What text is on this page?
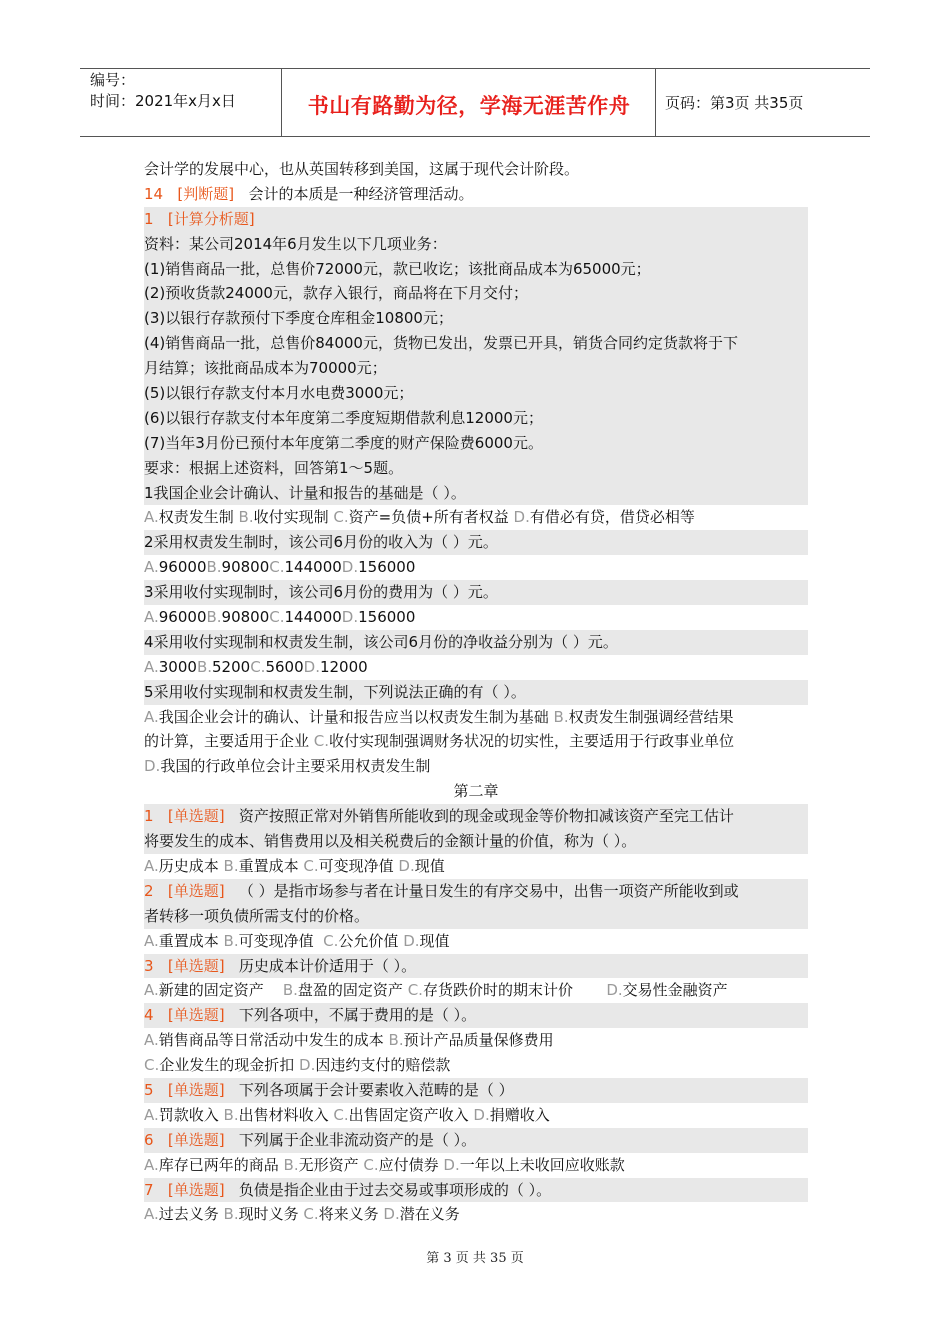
编号：
时间：2021年x月x日	书山有路勤为径，学海无涯苦作舟	页码：第3页 共35页
会计学的发展中心，也从英国转移到美国，这属于现代会计阶段。
14 [判断题] 会计的本质是一种经济管理活动。
1 [计算分析题]
资料：某公司2014年6月发生以下几项业务：
(1)销售商品一批，总售价72000元，款已收讫；该批商品成本为65000元；
(2)预收货款24000元，款存入银行，商品将在下月交付；
(3)以银行存款预付下季度仓库租金10800元；
(4)销售商品一批，总售价84000元，货物已发出，发票已开具，销货合同约定货款将于下
月结算；该批商品成本为70000元；
(5)以银行存款支付本月水电费3000元；
(6)以银行存款支付本年度第二季度短期借款利息12000元；
(7)当年3月份已预付本年度第二季度的财产保险费6000元。
要求：根据上述资料，回答第1～5题。
1我国企业会计确认、计量和报告的基础是（ ）。
A.权责发生制 B.收付实现制 C.资产=负债+所有者权益 D.有借必有贷，借贷必相等
2采用权责发生制时，该公司6月份的收入为（ ）元。
A.96000B.90800C.144000D.156000
3采用收付实现制时，该公司6月份的费用为（ ）元。
A.96000B.90800C.144000D.156000
4采用收付实现制和权责发生制，该公司6月份的净收益分别为（ ）元。
A.3000B.5200C.5600D.12000
5采用收付实现制和权责发生制，下列说法正确的有（ ）。
A.我国企业会计的确认、计量和报告应当以权责发生制为基础 B.权责发生制强调经营结果
的计算，主要适用于企业 C.收付实现制强调财务状况的切实性，主要适用于行政事业单位
D.我国的行政单位会计主要采用权责发生制
第二章
1 [单选题] 资产按照正常对外销售所能收到的现金或现金等价物扣减该资产至完工估计
将要发生的成本、销售费用以及相关税费后的金额计量的价值，称为（ ）。
A.历史成本 B.重置成本 C.可变现净值 D.现值
2 [单选题] （ ）是指市场参与者在计量日发生的有序交易中，出售一项资产所能收到或
者转移一项负债所需支付的价格。
A.重置成本 B.可变现净值  C.公允价值 D.现值
3 [单选题] 历史成本计价适用于（ ）。
A.新建的固定资产    B.盘盈的固定资产 C.存货跌价时的期末计价       D.交易性金融资产
4 [单选题] 下列各项中，不属于费用的是（ ）。
A.销售商品等日常活动中发生的成本 B.预计产品质量保修费用
C.企业发生的现金折扣 D.因违约支付的赔偿款
5 [单选题] 下列各项属于会计要素收入范畴的是（ ）
A.罚款收入 B.出售材料收入 C.出售固定资产收入 D.捐赠收入
6 [单选题] 下列属于企业非流动资产的是（ ）。
A.库存已两年的商品 B.无形资产 C.应付债券 D.一年以上未收回应收账款
7 [单选题] 负债是指企业由于过去交易或事项形成的（ ）。
A.过去义务 B.现时义务 C.将来义务 D.潜在义务
第 3 页 共 35 页
